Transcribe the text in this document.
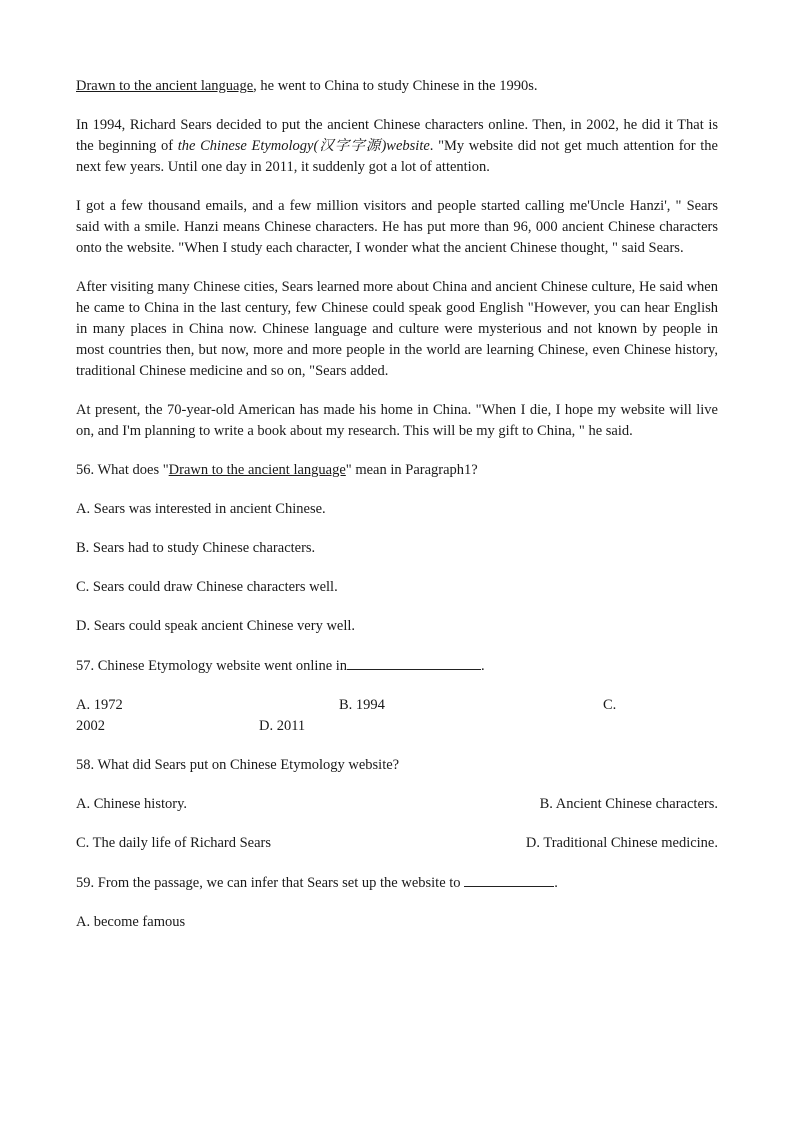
Drawn to the ancient language, he went to China to study Chinese in the 1990s.

In 1994, Richard Sears decided to put the ancient Chinese characters online. Then, in 2002, he did it That is the beginning of the Chinese Etymology(汉字字源)website. "My website did not get much attention for the next few years. Until one day in 2011, it suddenly got a lot of attention.

I got a few thousand emails, and a few million visitors and people started calling me'Uncle Hanzi', " Sears said with a smile. Hanzi means Chinese characters. He has put more than 96, 000 ancient Chinese characters onto the website. "When I study each character, I wonder what the ancient Chinese thought, " said Sears.

After visiting many Chinese cities, Sears learned more about China and ancient Chinese culture, He said when he came to China in the last century, few Chinese could speak good English "However, you can hear English in many places in China now. Chinese language and culture were mysterious and not known by people in most countries then, but now, more and more people in the world are learning Chinese, even Chinese history, traditional Chinese medicine and so on, "Sears added.

At present, the 70-year-old American has made his home in China. "When I die, I hope my website will live on, and I'm planning to write a book about my research. This will be my gift to China, " he said.

56. What does "Drawn to the ancient language" mean in Paragraph1?

A. Sears was interested in ancient Chinese.

B. Sears had to study Chinese characters.

C. Sears could draw Chinese characters well.

D. Sears could speak ancient Chinese very well.

57. Chinese Etymology website went online in	.

A. 1972	B. 1994	C.
2002	D. 2011

58. What did Sears put on Chinese Etymology website?

A. Chinese history.	B. Ancient Chinese characters.
C. The daily life of Richard Sears	D. Traditional Chinese medicine.

59. From the passage, we can infer that Sears set up the website to	.

A. become famous
